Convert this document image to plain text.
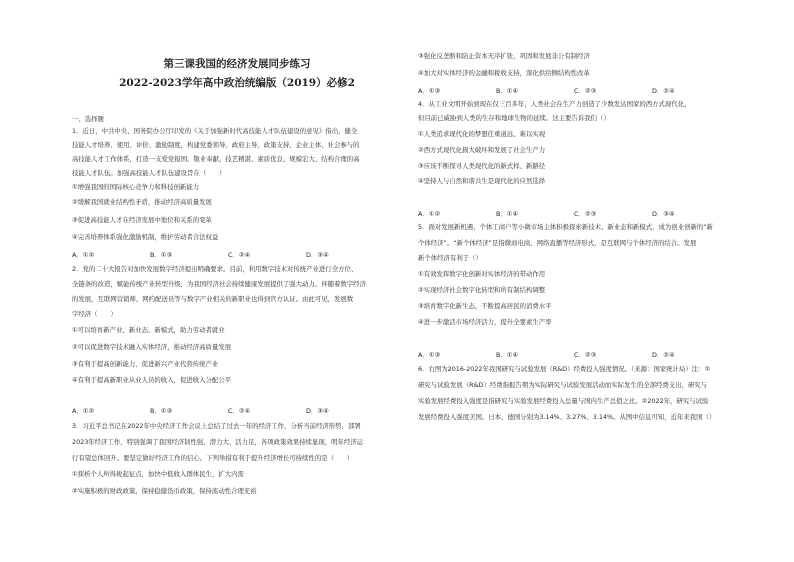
第三课我国的经济发展同步练习
2022-2023学年高中政治统编版（2019）必修2
一、选择题
1．近日，中共中央、国务院办公厅印发的《关于加强新时代高技能人才队伍建设的意见》指出，健全
技能人才培养、使用、评价、激励制度，构建党委领导、政府主导、政策支持、企业主体、社会参与的
高技能人才工作体系，打造一支爱党报国、敬业奉献、技艺精湛、素质优良、规模宏大、结构合理的高
技能人才队伍。加强高技能人才队伍建设旨在（　　）
①增强我国的国际核心竞争力和科技创新能力
②缓解我国就业结构性矛盾，推动经济高质量发展
③促进高技能人才在经济发展中地位和关系的变革
④完善培养体系强化激励机制，维护劳动者合法权益
A．①②	B．①③	C．②④	D．③④
2．党的二十大报告对加快发展数字经济提出明确要求。目前，利用数字技术对传统产业进行全方位、
全链条的改造，赋能传统产业转型升级，为我国经济社会持续健康发展提供了强大动力。伴随着数字经济
的发展，互联网营销师、网约配送员等与数字产业相关的新职业也得到官方认证。由此可见，发展数
字经济（　　）
①可以培育新产业、新业态、新模式，助力劳动者就业
②可以促进数字技术融入实体经济，推动经济高质量发展
③有利于提高创新能力，促进新兴产业代替传统产业
④有利于提高新职业从业人员的收入，促进收入分配公平
A．①②	B．①③	C．②④	D．③④
3．习近平总书记在2022年中央经济工作会议上总结了过去一年的经济工作，分析当前经济形势，部署
2023年经济工作，特别强调了我国经济韧性强、潜力大、活力足，各项政策效果持续显现，明年经济运
行有望总体回升。要坚定做好经济工作的信心。下列举措有利于提升经济增长可持续性的是（　　）
①探析个人所得税起征点，加快中低收入群体民生，扩大内需
②实施积极的财政政策，保持稳健货币政策，保持流动性合理充裕
③强化反垄断和防止资本无序扩张，巩固和发展非公有制经济
④加大对实体经济的金融和税收支持，深化供给侧结构性改革
A．①③	B．①④	C．②③	D．②④
4．从工业文明开始到现在仅三百多年，人类社会在生产力创造了少数发达国家的西方式现代化，
但目前已威胁到人类的生存和地球生物的延续。这主要告诉我们（）
①人类追求现代化的梦想任重道远、难以实现
②西方式现代化损大破坏和发展了社会生产力
③应该不断探寻人类现代化的新式样、新路径
④坚持人与自然和谐共生是现代化的应然选择
A．①②	B．①④	C．②③	D．③④
5．面对发展新机遇，个体工商户等小微市场主体积极探索新技术、新业态和新模式，成为创业创新的“新
个体经济”。“新个体经济”是指微商电商、网络直播等经济形式，是互联网与个体经济的结合。发展
新个体经济有利于（）
①有效发挥数字化创新对实体经济的带动作用
②实现经济社会数字化转型和所有制结构调整
③培育数字化新生态，不断提高居民的消费水平
④进一步激活市场经济活力，提升全要素生产率
A．①③	B．①④	C．②③	D．②④
6．右图为2016-2022年我国研究与试验发展（R&D）经费投入强度情况。（来源：国家统计局）注：①
研究与试验发展（R&D）经费指报告期为实际研究与试验发展活动而实际发生的全部经费支出，研究与
实验发展经费投入强度是指研究与实验发展经费投入总量与国内生产总值之比。②2022年，研究与试验
发展经费投入强度美国、日本、德国分别为3.14%、3.27%、3.14%。从图中信息可知，近年来我国（）
